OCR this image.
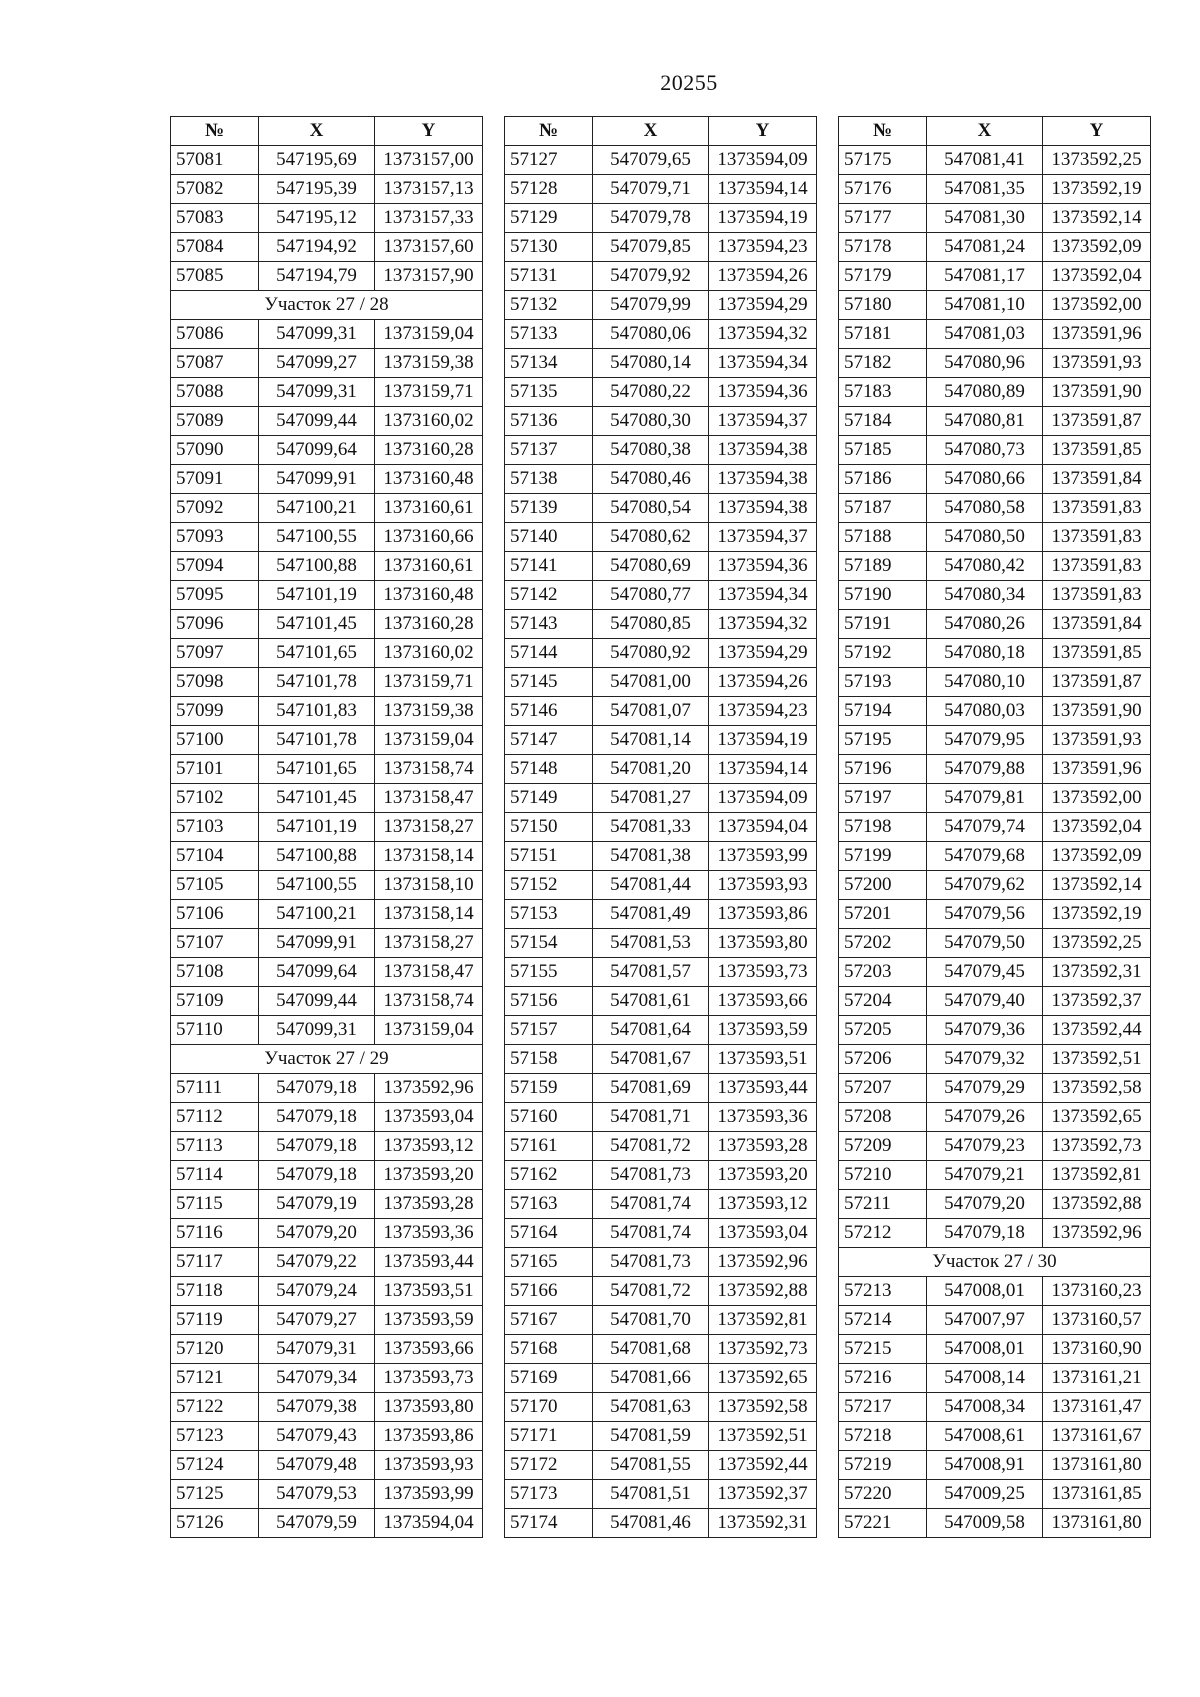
20255
№	X	Y
57081	547195,69	1373157,00
57082	547195,39	1373157,13
57083	547195,12	1373157,33
57084	547194,92	1373157,60
57085	547194,79	1373157,90
Участок 27 / 28		
57086	547099,31	1373159,04
57087	547099,27	1373159,38
57088	547099,31	1373159,71
57089	547099,44	1373160,02
57090	547099,64	1373160,28
57091	547099,91	1373160,48
57092	547100,21	1373160,61
57093	547100,55	1373160,66
57094	547100,88	1373160,61
57095	547101,19	1373160,48
57096	547101,45	1373160,28
57097	547101,65	1373160,02
57098	547101,78	1373159,71
57099	547101,83	1373159,38
57100	547101,78	1373159,04
57101	547101,65	1373158,74
57102	547101,45	1373158,47
57103	547101,19	1373158,27
57104	547100,88	1373158,14
57105	547100,55	1373158,10
57106	547100,21	1373158,14
57107	547099,91	1373158,27
57108	547099,64	1373158,47
57109	547099,44	1373158,74
57110	547099,31	1373159,04
Участок 27 / 29		
57111	547079,18	1373592,96
57112	547079,18	1373593,04
57113	547079,18	1373593,12
57114	547079,18	1373593,20
57115	547079,19	1373593,28
57116	547079,20	1373593,36
57117	547079,22	1373593,44
57118	547079,24	1373593,51
57119	547079,27	1373593,59
57120	547079,31	1373593,66
57121	547079,34	1373593,73
57122	547079,38	1373593,80
57123	547079,43	1373593,86
57124	547079,48	1373593,93
57125	547079,53	1373593,99
57126	547079,59	1373594,04
№	X	Y
57127	547079,65	1373594,09
57128	547079,71	1373594,14
57129	547079,78	1373594,19
57130	547079,85	1373594,23
57131	547079,92	1373594,26
57132	547079,99	1373594,29
57133	547080,06	1373594,32
57134	547080,14	1373594,34
57135	547080,22	1373594,36
57136	547080,30	1373594,37
57137	547080,38	1373594,38
57138	547080,46	1373594,38
57139	547080,54	1373594,38
57140	547080,62	1373594,37
57141	547080,69	1373594,36
57142	547080,77	1373594,34
57143	547080,85	1373594,32
57144	547080,92	1373594,29
57145	547081,00	1373594,26
57146	547081,07	1373594,23
57147	547081,14	1373594,19
57148	547081,20	1373594,14
57149	547081,27	1373594,09
57150	547081,33	1373594,04
57151	547081,38	1373593,99
57152	547081,44	1373593,93
57153	547081,49	1373593,86
57154	547081,53	1373593,80
57155	547081,57	1373593,73
57156	547081,61	1373593,66
57157	547081,64	1373593,59
57158	547081,67	1373593,51
57159	547081,69	1373593,44
57160	547081,71	1373593,36
57161	547081,72	1373593,28
57162	547081,73	1373593,20
57163	547081,74	1373593,12
57164	547081,74	1373593,04
57165	547081,73	1373592,96
57166	547081,72	1373592,88
57167	547081,70	1373592,81
57168	547081,68	1373592,73
57169	547081,66	1373592,65
57170	547081,63	1373592,58
57171	547081,59	1373592,51
57172	547081,55	1373592,44
57173	547081,51	1373592,37
57174	547081,46	1373592,31
№	X	Y
57175	547081,41	1373592,25
57176	547081,35	1373592,19
57177	547081,30	1373592,14
57178	547081,24	1373592,09
57179	547081,17	1373592,04
57180	547081,10	1373592,00
57181	547081,03	1373591,96
57182	547080,96	1373591,93
57183	547080,89	1373591,90
57184	547080,81	1373591,87
57185	547080,73	1373591,85
57186	547080,66	1373591,84
57187	547080,58	1373591,83
57188	547080,50	1373591,83
57189	547080,42	1373591,83
57190	547080,34	1373591,83
57191	547080,26	1373591,84
57192	547080,18	1373591,85
57193	547080,10	1373591,87
57194	547080,03	1373591,90
57195	547079,95	1373591,93
57196	547079,88	1373591,96
57197	547079,81	1373592,00
57198	547079,74	1373592,04
57199	547079,68	1373592,09
57200	547079,62	1373592,14
57201	547079,56	1373592,19
57202	547079,50	1373592,25
57203	547079,45	1373592,31
57204	547079,40	1373592,37
57205	547079,36	1373592,44
57206	547079,32	1373592,51
57207	547079,29	1373592,58
57208	547079,26	1373592,65
57209	547079,23	1373592,73
57210	547079,21	1373592,81
57211	547079,20	1373592,88
57212	547079,18	1373592,96
Участок 27 / 30		
57213	547008,01	1373160,23
57214	547007,97	1373160,57
57215	547008,01	1373160,90
57216	547008,14	1373161,21
57217	547008,34	1373161,47
57218	547008,61	1373161,67
57219	547008,91	1373161,80
57220	547009,25	1373161,85
57221	547009,58	1373161,80
